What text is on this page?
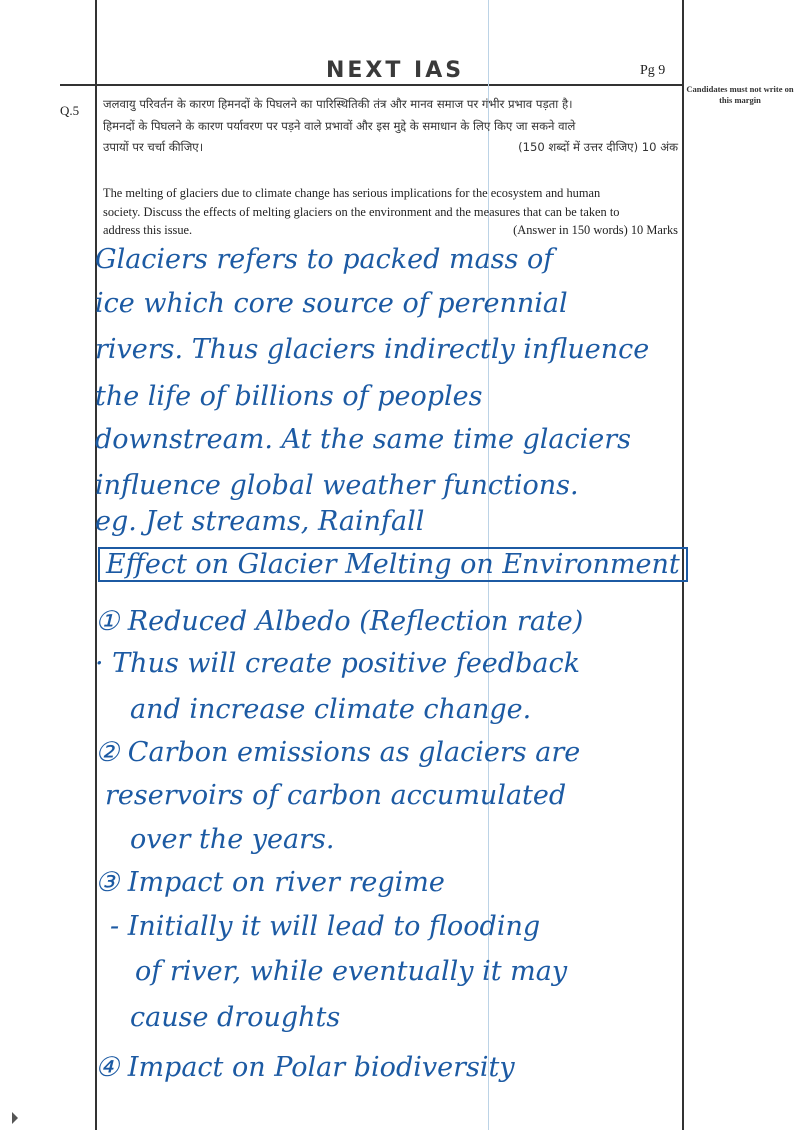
NEXT IAS	Pg 9
Candidates must not write on this margin
Q.5 जलवायु परिवर्तन के कारण हिमनदों के पिघलने का पारिस्थितिकी तंत्र और मानव समाज पर गंभीर प्रभाव पड़ता है।
हिमनदों के पिघलने के कारण पर्यावरण पर पड़ने वाले प्रभावों और इस मुद्दे के समाधान के लिए किए जा सकने वाले
उपायों पर चर्चा कीजिए।	(150 शब्दों में उत्तर दीजिए) 10 अंक
The melting of glaciers due to climate change has serious implications for the ecosystem and human
society. Discuss the effects of melting glaciers on the environment and the measures that can be taken to
address this issue.	(Answer in 150 words) 10 Marks
Glaciers refers to packed mass of
ice which core source of perennial
rivers. Thus glaciers indirectly influence
the life of billions of peoples
downstream. At the same time glaciers
influence global weather functions.
eg. Jet streams, Rainfall
Effect on Glacier Melting on Environment
① Reduced Albedo (Reflection rate)
· Thus will create positive feedback
and increase climate change.
② Carbon emissions as glaciers are
reservoirs of carbon accumulated
over the years.
③ Impact on river regime
- Initially it will lead to flooding
of river, while eventually it may
cause droughts
④ Impact on Polar biodiversity
